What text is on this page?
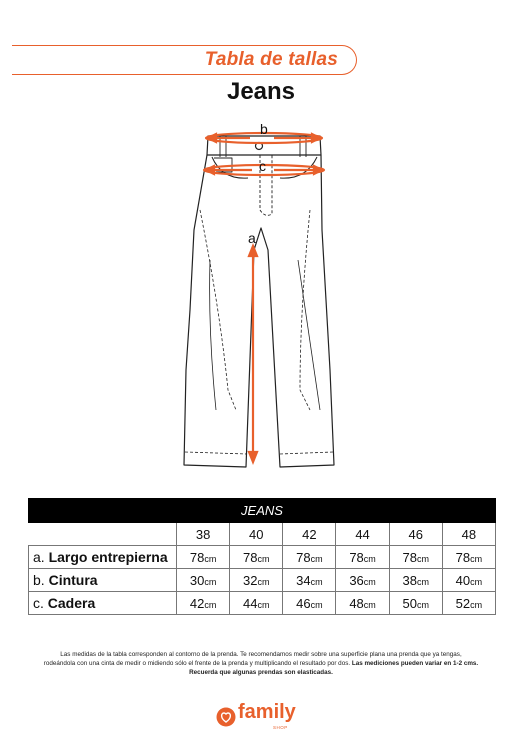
Tabla de tallas
Jeans
b
c
a
JEANS						
	38	40	42	44	46	48
a. Largo entrepierna	78cm	78cm	78cm	78cm	78cm	78cm
b. Cintura	30cm	32cm	34cm	36cm	38cm	40cm
c. Cadera	42cm	44cm	46cm	48cm	50cm	52cm
Las medidas de la tabla corresponden al contorno de la prenda. Te recomendamos medir sobre una superficie plana una prenda que ya tengas,
rodeándola con una cinta de medir o midiendo sólo el frente de la prenda y multiplicando el resultado por dos. Las mediciones pueden variar en 1-2 cms.
Recuerda que algunas prendas son elasticadas.
family
SHOP
